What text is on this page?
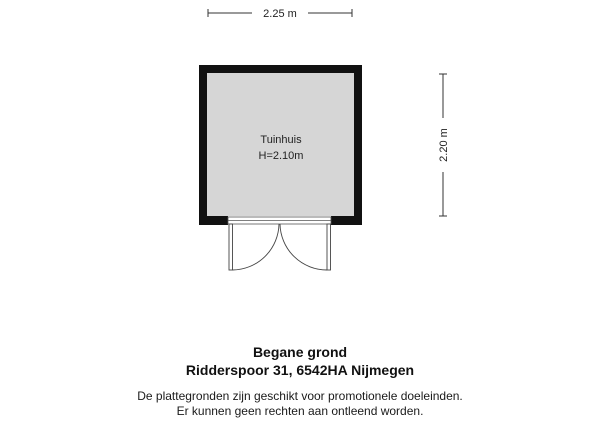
2.25 m
2.20 m
Tuinhuis
H=2.10m
Begane grond
Ridderspoor 31, 6542HA Nijmegen
De plattegronden zijn geschikt voor promotionele doeleinden.
Er kunnen geen rechten aan ontleend worden.
